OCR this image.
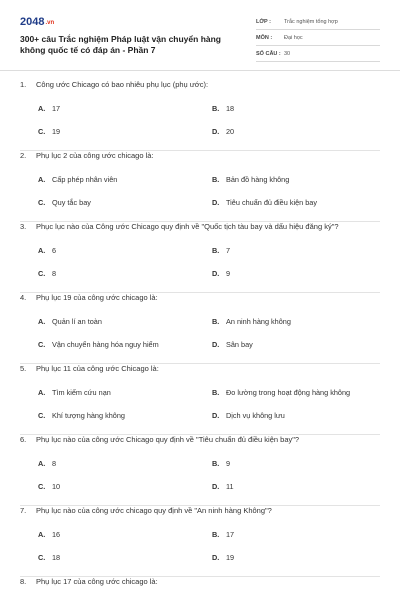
2048.vn
300+ câu Trắc nghiệm Pháp luật vận chuyển hàng không quốc tế có đáp án - Phần 7
LỚP : Trắc nghiệm tổng hợp
MÔN : Đại học
SỐ CÂU : 30
1. Công ước Chicago có bao nhiêu phụ lục (phụ ước):
A. 17	B. 18
C. 19	D. 20
2. Phụ lục 2 của công ước chicago là:
A. Cấp phép nhân viên	B. Bản đồ hàng không
C. Quy tắc bay	D. Tiêu chuẩn đủ điều kiện bay
3. Phục lục nào của Công ước Chicago quy định về "Quốc tịch tàu bay và dấu hiệu đăng ký"?
A. 6	B. 7
C. 8	D. 9
4. Phụ lục 19 của công ước chicago là:
A. Quản lí an toàn	B. An ninh hàng không
C. Vận chuyển hàng hóa nguy hiểm	D. Sân bay
5. Phụ lục 11 của công ước Chicago là:
A. Tìm kiếm cứu nạn	B. Đo lường trong hoạt động hàng không
C. Khí tượng hàng không	D. Dịch vụ không lưu
6. Phụ lục nào của công ước Chicago quy định về "Tiêu chuẩn đủ điều kiện bay"?
A. 8	B. 9
C. 10	D. 11
7. Phụ lục nào của công ước chicago quy định về "An ninh hàng Không"?
A. 16	B. 17
C. 18	D. 19
8. Phụ lục 17 của công ước chicago là:
